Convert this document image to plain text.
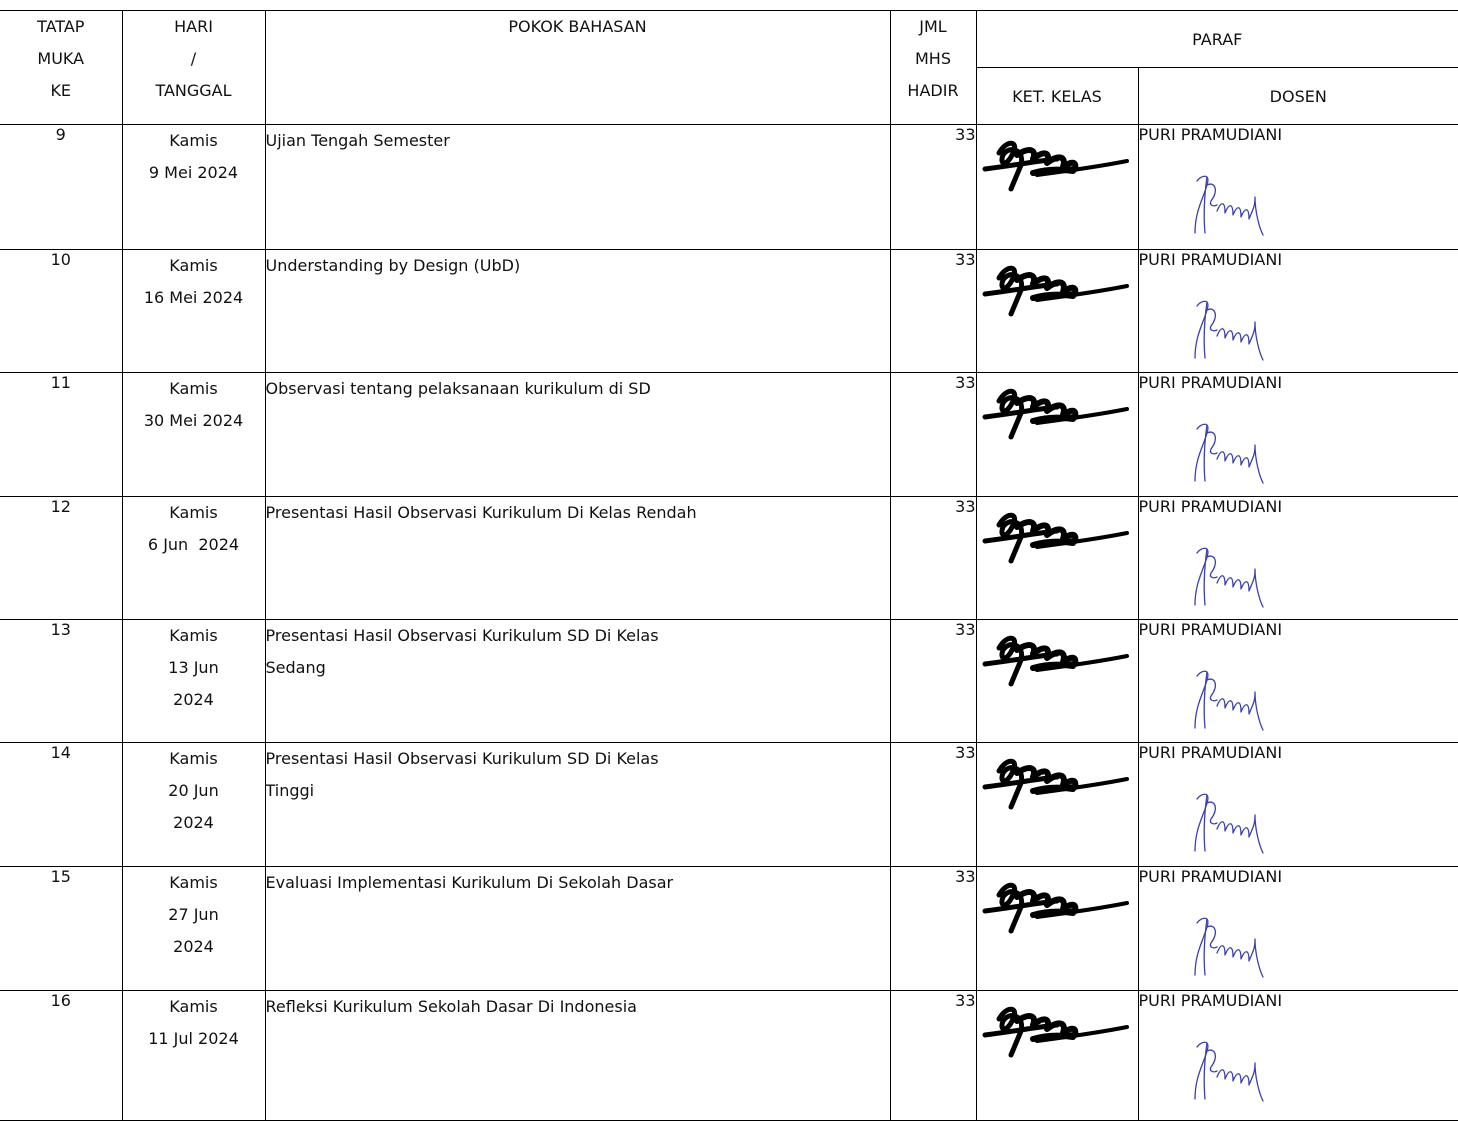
TATAP
MUKA
KE	HARI
/
TANGGAL	POKOK BAHASAN	JML
MHS
HADIR	PARAF	
				KET. KELAS	DOSEN
9	Kamis
9 Mei 2024	Ujian Tengah Semester	33		PURI PRAMUDIANI

10	Kamis
16 Mei 2024	Understanding by Design (UbD)	33		PURI PRAMUDIANI

11	Kamis
30 Mei 2024	Observasi tentang pelaksanaan kurikulum di SD	33		PURI PRAMUDIANI

12	Kamis
6 Jun  2024	Presentasi Hasil Observasi Kurikulum Di Kelas Rendah	33		PURI PRAMUDIANI

13	Kamis
13 Jun
2024	Presentasi Hasil Observasi Kurikulum SD Di Kelas
Sedang	33		PURI PRAMUDIANI

14	Kamis
20 Jun
2024	Presentasi Hasil Observasi Kurikulum SD Di Kelas
Tinggi	33		PURI PRAMUDIANI

15	Kamis
27 Jun
2024	Evaluasi Implementasi Kurikulum Di Sekolah Dasar	33		PURI PRAMUDIANI

16	Kamis
11 Jul 2024	Refleksi Kurikulum Sekolah Dasar Di Indonesia	33		PURI PRAMUDIANI
